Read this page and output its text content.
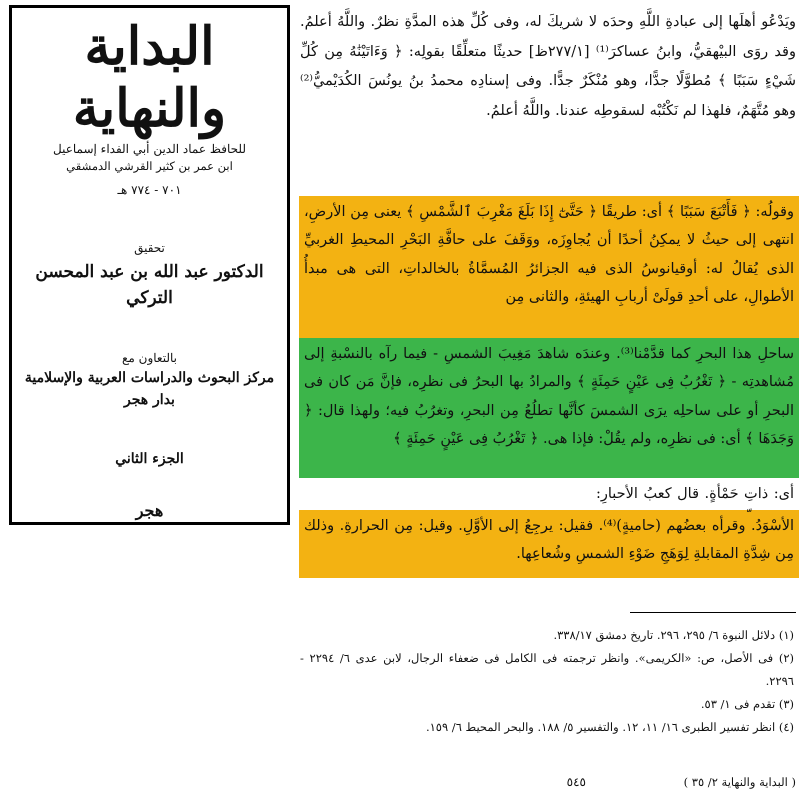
البداية والنهاية
للحافظ عماد الدين أبي الفداء إسماعيل
ابن عمر بن كثير القرشي الدمشقي
٧٠١ - ٧٧٤ هـ
تحقيق
الدكتور عبد الله بن عبد المحسن التركي
بالتعاون مع
مركز البحوث والدراسات العربية والإسلامية
بدار هجر
الجزء الثاني
هجر
ويَدْعُو أهلَها إلى عبادةِ اللَّهِ وحدَه لا شريكَ له، وفى كُلِّ هذه المدَّةِ نظرٌ. واللَّهُ أعلمُ. وقد روَى البيْهقيُّ، وابنُ عساكرَ⁽¹⁾ [٢٧٧/١ظ] حديثًا متعلِّقًا بقولِه: ﴿ وَءَاتَيْنَٰهُ مِن كُلِّ شَيْءٍ سَبَبًا ﴾ مُطوَّلًا جدًّا، وهو مُنْكَرٌ جدًّا. وفى إسنادِه محمدُ بنُ يونُسَ الكُدَيْميُّ⁽²⁾ وهو مُتَّهَمٌ، فلهذا لم نَكْتُبْه لسقوطِه عندنا. واللَّهُ أعلمُ.
وقولُه: ﴿ فَأَتْبَعَ سَبَبًا ﴾ أى: طريقًا ﴿ حَتَّىٰٓ إِذَا بَلَغَ مَغْرِبَ ٱلشَّمْسِ ﴾ يعنى مِن الأرضِ، انتهى إلى حيثُ لا يمكِنُ أحدًا أن يُجاوِزَه، ووَقَفَ على حافَّةِ البَحْرِ المحيطِ الغربيِّ الذى يُقالُ له: أوقيانوسُ الذى فيه الجزائرُ المُسمَّاةُ بالخالداتِ، التى هى مبدأُ الأطوالِ، على أحدِ قولَىْ أربابِ الهيئةِ، والثانى مِن
ساحلِ هذا البحرِ كما قدَّمْنا⁽³⁾. وعندَه شاهدَ مَغِيبَ الشمسِ - فيما رآه بالنسْبةِ إلى مُشاهدتِه - ﴿ تَغْرُبُ فِى عَيْنٍ حَمِئَةٍ ﴾ والمرادُ بها البحرُ فى نظرِه، فإنَّ مَن كان فى البحرِ أو على ساحلِه يرَى الشمسَ كأنَّها تطلُعُ مِن البحرِ، وتغرُبُ فيه؛ ولهذا قال: ﴿ وَجَدَهَا ﴾ أى: فى نظرِه، ولم يقُلْ: فإذا هى. ﴿ تَغْرُبُ فِى عَيْنٍ حَمِئَةٍ ﴾
أى: ذاتِ حَمْأةٍ. قال كعبُ الأحبارِ:
الأسْوَدُ. وقرأه بعضُهم (حاميةٍ)⁽⁴⁾. فقيل: يرجِعُ إلى الأوَّلِ. وقيل: مِن الحرارةِ. وذلك مِن شِدَّةِ المقابلةِ لِوَهَجِ ضَوْءِ الشمسِ وشُعاعِها.

(١) دلائل النبوة ٦/ ٢٩٥، ٢٩٦. تاريخ دمشق ٣٣٨/١٧.

(٢) فى الأصل، ص: «الكريمى». وانظر ترجمته فى الكامل فى ضعفاء الرجال، لابن عدى ٦/ ٢٢٩٤ - ٢٢٩٦.

(٣) تقدم فى ١/ ٥٣.

(٤) انظر تفسير الطبرى ١٦/ ١١، ١٢. والتفسير ٥/ ١٨٨. والبحر المحيط ٦/ ١٥٩.

( البداية والنهاية ٢/ ٣٥ )
٥٤٥
